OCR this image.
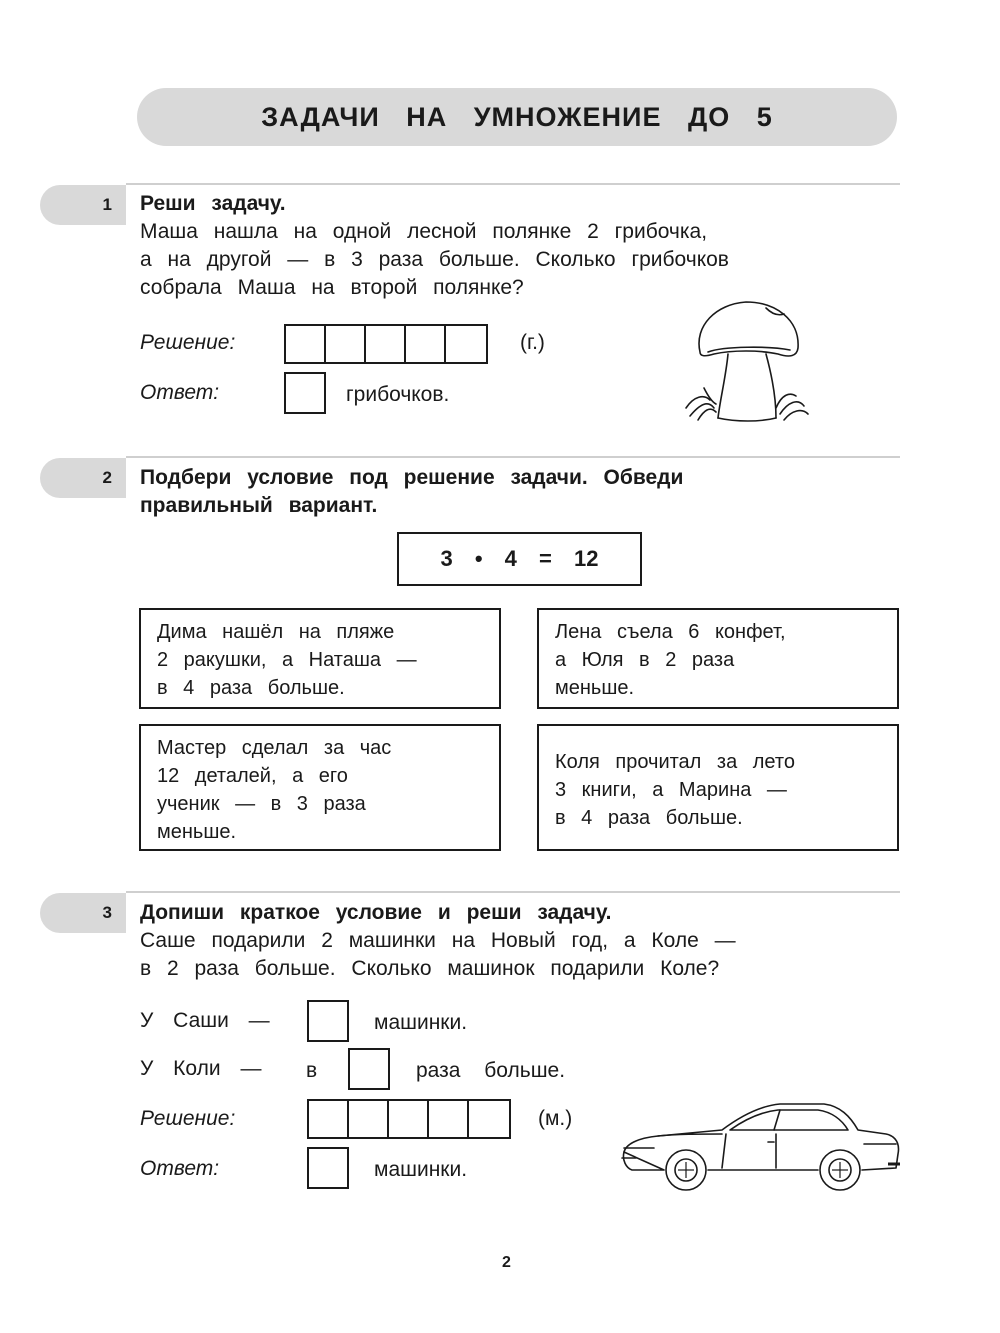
ЗАДАЧИ НА УМНОЖЕНИЕ ДО 5
1	Реши задачу.
Маша нашла на одной лесной полянке 2 грибочка,
а на другой — в 3 раза больше. Сколько грибочков
собрала Маша на второй полянке?
Решение:	(г.)
Ответ:	грибочков.
2	Подбери условие под решение задачи. Обведи
правильный вариант.
3 • 4 = 12
Дима нашёл на пляже
2 ракушки, а Наташа —
в 4 раза больше.
Лена съела 6 конфет,
а Юля в 2 раза
меньше.
Мастер сделал за час
12 деталей, а его
ученик — в 3 раза
меньше.
Коля прочитал за лето
3 книги, а Марина —
в 4 раза больше.
3	Допиши краткое условие и реши задачу.
Саше подарили 2 машинки на Новый год, а Коле —
в 2 раза больше. Сколько машинок подарили Коле?
У Саши —	машинки.
У Коли — в	раза больше.
Решение:	(м.)
Ответ:	машинки.
2
